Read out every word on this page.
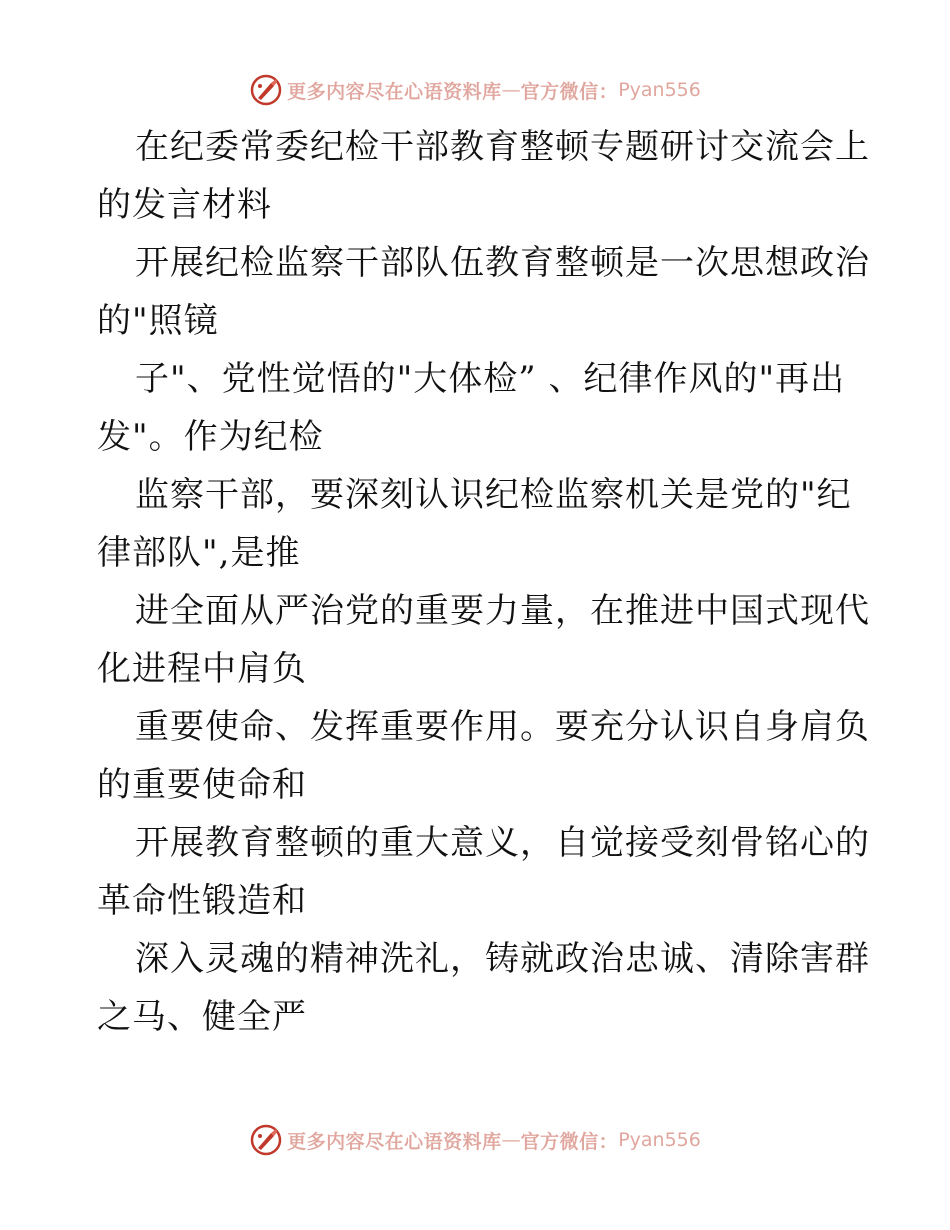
更多内容尽在心语资料库 — 官方微信： Pyan556

在纪委常委纪检干部教育整顿专题研讨交流会上
的发言材料

开展纪检监察干部队伍教育整顿是一次思想政治
的"照镜

子"、党性觉悟的"大体检” 、纪律作风的"再出
发"。作为纪检

监察干部，要深刻认识纪检监察机关是党的"纪
律部队",是推

进全面从严治党的重要力量，在推进中国式现代
化进程中肩负

重要使命、发挥重要作用。要充分认识自身肩负
的重要使命和

开展教育整顿的重大意义，自觉接受刻骨铭心的
革命性锻造和

深入灵魂的精神洗礼，铸就政治忠诚、清除害群
之马、健全严

更多内容尽在心语资料库 — 官方微信： Pyan556
